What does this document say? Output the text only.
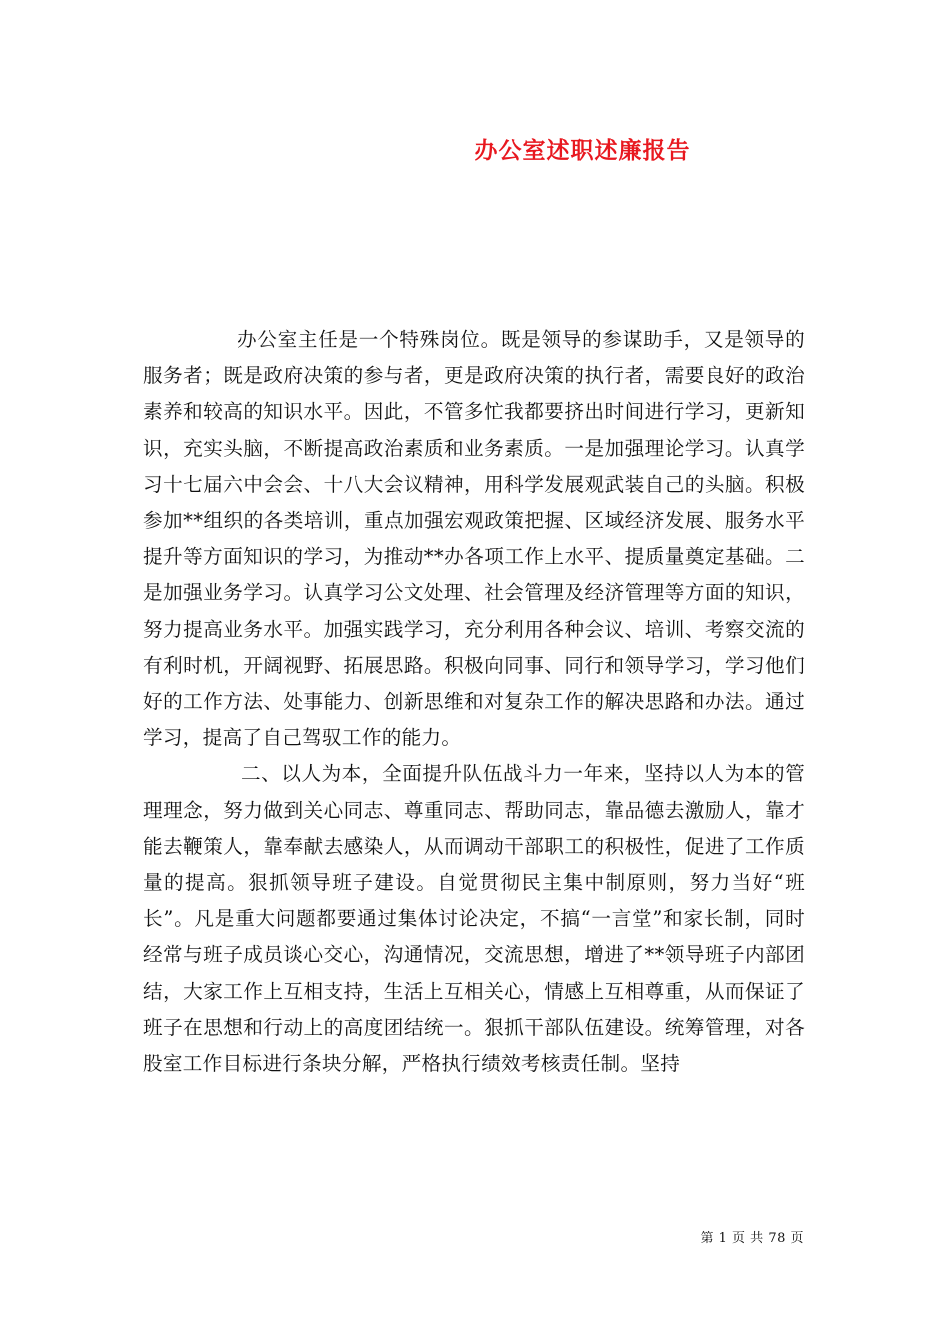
办公室述职述廉报告

办公室主任是一个特殊岗位。既是领导的参谋助手，又是领导的服务者；既是政府决策的参与者，更是政府决策的执行者，需要良好的政治素养和较高的知识水平。因此，不管多忙我都要挤出时间进行学习，更新知识，充实头脑，不断提高政治素质和业务素质。一是加强理论学习。认真学习十七届六中会会、十八大会议精神，用科学发展观武装自己的头脑。积极参加**组织的各类培训，重点加强宏观政策把握、区域经济发展、服务水平提升等方面知识的学习，为推动**办各项工作上水平、提质量奠定基础。二是加强业务学习。认真学习公文处理、社会管理及经济管理等方面的知识，努力提高业务水平。加强实践学习，充分利用各种会议、培训、考察交流的有利时机，开阔视野、拓展思路。积极向同事、同行和领导学习，学习他们好的工作方法、处事能力、创新思维和对复杂工作的解决思路和办法。通过学习，提高了自己驾驭工作的能力。

二、以人为本，全面提升队伍战斗力一年来，坚持以人为本的管理理念，努力做到关心同志、尊重同志、帮助同志，靠品德去激励人，靠才能去鞭策人，靠奉献去感染人，从而调动干部职工的积极性，促进了工作质量的提高。狠抓领导班子建设。自觉贯彻民主集中制原则，努力当好“班长”。凡是重大问题都要通过集体讨论决定，不搞“一言堂”和家长制，同时经常与班子成员谈心交心，沟通情况，交流思想，增进了**领导班子内部团结，大家工作上互相支持，生活上互相关心，情感上互相尊重，从而保证了班子在思想和行动上的高度团结统一。狠抓干部队伍建设。统筹管理，对各股室工作目标进行条块分解，严格执行绩效考核责任制。坚持

第 1 页 共 78 页
